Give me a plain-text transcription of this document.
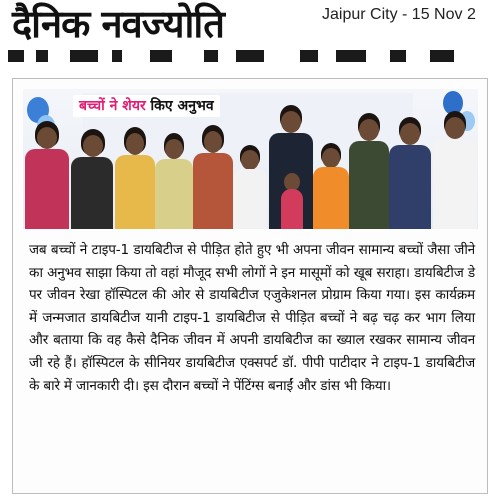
दैनिक नवज्योति	Jaipur City - 15 Nov 2
बच्चों ने शेयर किए अनुभव
जब बच्चों ने टाइप-1 डायबिटीज से पीड़ित होते हुए भी अपना जीवन सामान्य बच्चों जैसा जीने का अनुभव साझा किया तो वहां मौजूद सभी लोगों ने इन मासूमों को खूब सराहा। डायबिटीज डे पर जीवन रेखा हॉस्पिटल की ओर से डायबिटीज एजुकेशनल प्रोग्राम किया गया। इस कार्यक्रम में जन्मजात डायबिटीज यानी टाइप-1 डायबिटीज से पीड़ित बच्चों ने बढ़ चढ़ कर भाग लिया और बताया कि वह कैसे दैनिक जीवन में अपनी डायबिटीज का ख्याल रखकर सामान्य जीवन जी रहे हैं। हॉस्पिटल के सीनियर डायबिटीज एक्सपर्ट डॉ. पीपी पाटीदार ने टाइप-1 डायबिटीज के बारे में जानकारी दी। इस दौरान बच्चों ने पेंटिंग्स बनाईं और डांस भी किया।
